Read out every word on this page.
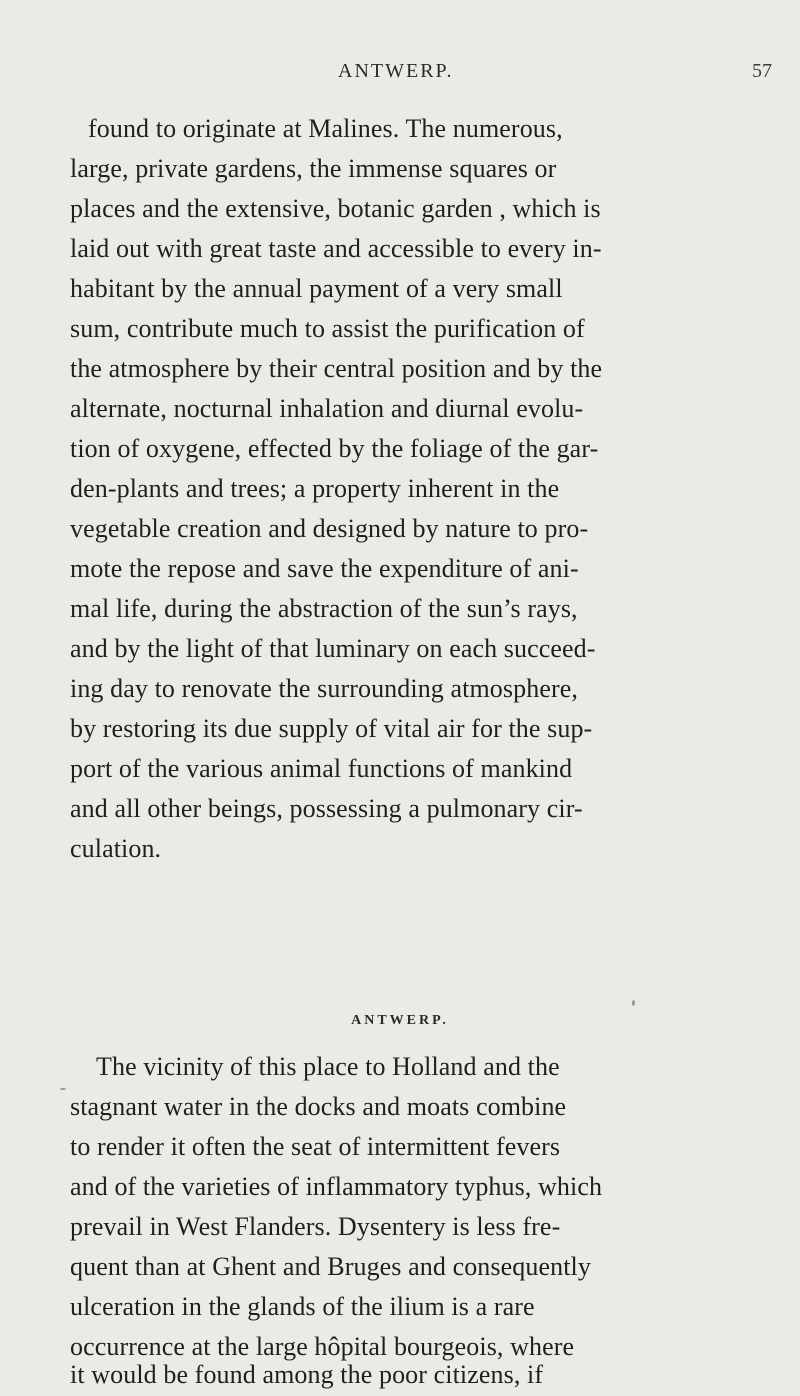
ANTWERP.	57
found to originate at Malines. The numerous,
large, private gardens, the immense squares or
places and the extensive, botanic garden , which is
laid out with great taste and accessible to every in-
habitant by the annual payment of a very small
sum, contribute much to assist the purification of
the atmosphere by their central position and by the
alternate, nocturnal inhalation and diurnal evolu-
tion of oxygene, effected by the foliage of the gar-
den-plants and trees; a property inherent in the
vegetable creation and designed by nature to pro-
mote the repose and save the expenditure of ani-
mal life, during the abstraction of the sun’s rays,
and by the light of that luminary on each succeed-
ing day to renovate the surrounding atmosphere,
by restoring its due supply of vital air for the sup-
port of the various animal functions of mankind
and all other beings, possessing a pulmonary cir-
culation.
ANTWERP.
The vicinity of this place to Holland and the
stagnant water in the docks and moats combine
to render it often the seat of intermittent fevers
and of the varieties of inflammatory typhus, which
prevail in West Flanders. Dysentery is less fre-
quent than at Ghent and Bruges and consequently
ulceration in the glands of the ilium is a rare
occurrence at the large hôpital bourgeois, where
it would be found among the poor citizens, if
